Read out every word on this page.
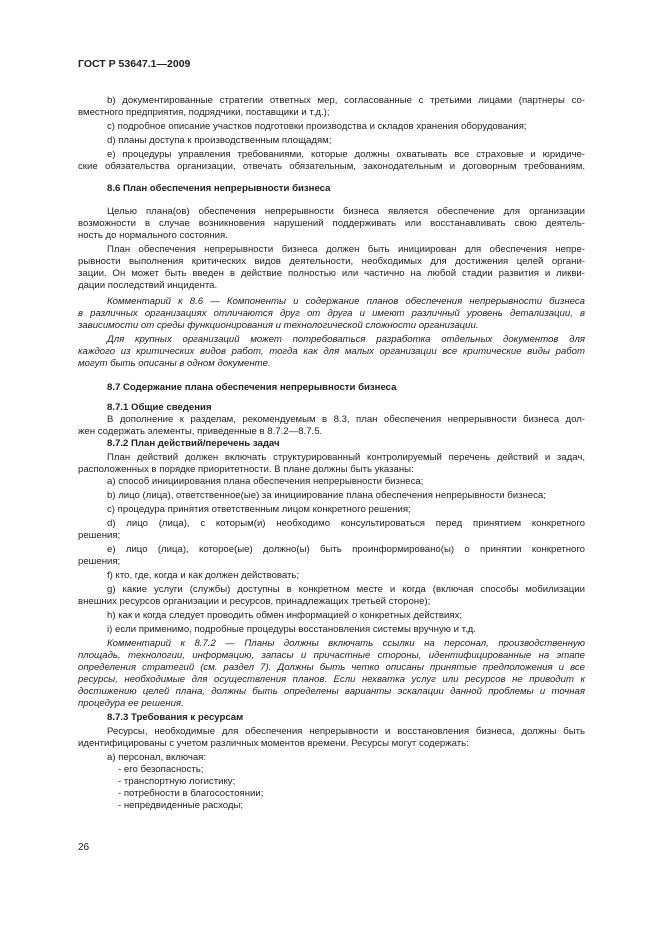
ГОСТ Р 53647.1—2009
b) документированные стратегии ответных мер, согласованные с третьими лицами (партнеры со-
вместного предприятия, подрядчики, поставщики и т.д.);
c) подробное описание участков подготовки производства и складов хранения оборудования;
d) планы доступа к производственным площадям;
e) процедуры управления требованиями, которые должны охватывать все страховые и юридиче-
ские обязательства организации, отвечать обязательным, законодательным и договорным требованиям.
8.6 План обеспечения непрерывности бизнеса
Целью плана(ов) обеспечения непрерывности бизнеса является обеспечение для организации
возможности в случае возникновения нарушений поддерживать или восстанавливать свою деятель-
ность до нормального состояния.
План обеспечения непрерывности бизнеса должен быть инициирован для обеспечения непре-
рывности выполнения критических видов деятельности, необходимых для достижения целей органи-
зации. Он может быть введен в действие полностью или частично на любой стадии развития и ликви-
дации последствий инцидента.
Комментарий к 8.6 — Компоненты и содержание планов обеспечения непрерывности бизнеса
в различных организациях отличаются друг от друга и имеют различный уровень детализации, в
зависимости от среды функционирования и технологической сложности организации.
Для крупных организаций может потребоваться разработка отдельных документов для
каждого из критических видов работ, тогда как для малых организации все критические виды работ
могут быть описаны в одном документе.
8.7 Содержание плана обеспечения непрерывности бизнеса
8.7.1 Общие сведения
В дополнение к разделам, рекомендуемым в 8.3, план обеспечения непрерывности бизнеса дол-
жен содержать элементы, приведенные в 8.7.2—8.7.5.
8.7.2 План действий/перечень задач
План действий должен включать структурированный контролируемый перечень действий и задач,
расположенных в порядке приоритетности. В плане должны быть указаны:
a) способ инициирования плана обеспечения непрерывности бизнеса;
b) лицо (лица), ответственное(ые) за инициирование плана обеспечения непрерывности бизнеса;
c) процедура принятия ответственным лицом конкретного решения;
d) лицо (лица), с которым(и) необходимо консультироваться перед принятием конкретного
решения;
e) лицо (лица), которое(ые) должно(ы) быть проинформировано(ы) о принятии конкретного
решения;
f) кто, где, когда и как должен действовать;
g) какие услуги (службы) доступны в конкретном месте и когда (включая способы мобилизации
внешних ресурсов организации и ресурсов, принадлежащих третьей стороне);
h) как и когда следует проводить обмен информацией о конкретных действиях;
i) если применимо, подробные процедуры восстановления системы вручную и т.д.
Комментарий к 8.7.2 — Планы должны включать ссылки на персонал, производственную
площадь, технологии, информацию, запасы и причастные стороны, идентифицированные на этапе
определения стратегий (см. раздел 7). Должны быть четко описаны принятые предположения и все
ресурсы, необходимые для осуществления планов. Если нехватка услуг или ресурсов не приводит к
достижению целей плана, должны быть определены варианты эскалации данной проблемы и точная
процедура ее решения.
8.7.3 Требования к ресурсам
Ресурсы, необходимые для обеспечения непрерывности и восстановления бизнеса, должны быть
идентифицированы с учетом различных моментов времени. Ресурсы могут содержать:
a) персонал, включая:
- его безопасность;
- транспортную логистику;
- потребности в благосостоянии;
- непредвиденные расходы;
26
